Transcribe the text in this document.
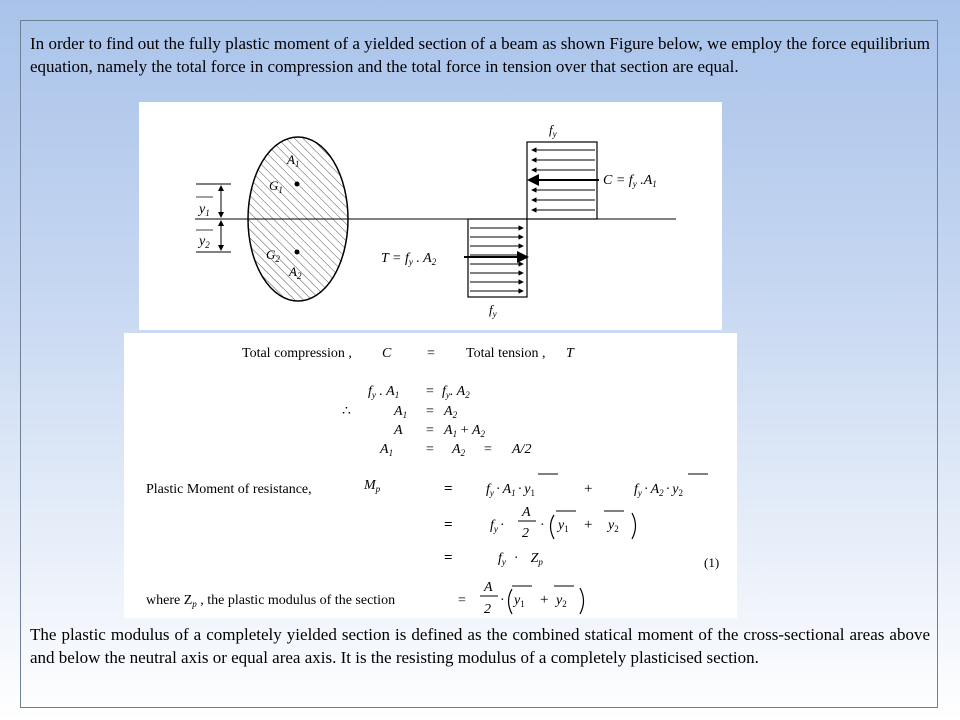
In order to find out the fully plastic moment of a yielded section of a beam as shown Figure below, we employ the force equilibrium equation, namely the total force in compression and the total force in tension over that section are equal.

$A_1$
$G_1$
$G_2$
$A_2$
$y_1$
$y_2$
$f_y$
$C = f_y$ $.A_1$
$T = f_y$ . $A_2$
$f_y$
Total compression , C	= Total tension , T
$f_y$ . $A_1 = f_y$. $A_2$
∴	$A_1 = A_2$
$A = A_1 + A_2$
$A_1 = A_2 = A/2$
Plastic Moment of resistance,	$M_p$	= $f_y \cdot A_1 \cdot y_1$	+	$f_y \cdot A_2 \cdot y_2$
=	$f_y$ ·
A
2
· $y_1 + y_2$
=	$f_y \cdot Z_p$	(1)
where $Z_p$ , the plastic modulus of the section	=
A
2
· $y_1 + y_2$

The plastic modulus of a completely yielded section is defined as the combined statical moment of the cross-sectional areas above and below the neutral axis or equal area axis. It is the resisting modulus of a completely plasticised section.
